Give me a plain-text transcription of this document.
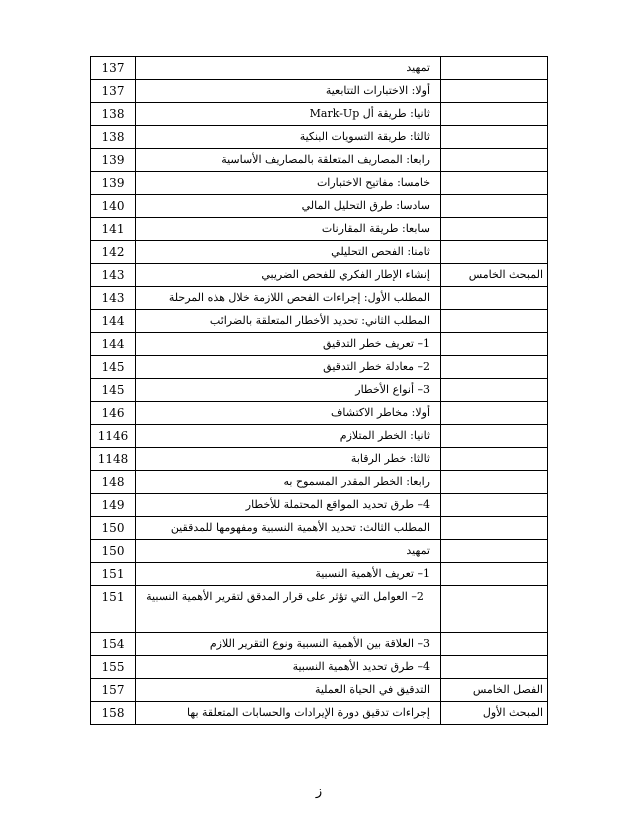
137	تمهيد	
137	أولا: الاختبارات التتابعية	
138	ثانيا: طريقة أل Mark-Up	
138	ثالثا: طريقة التسويات البنكية	
139	رابعا: المصاريف المتعلقة بالمصاريف الأساسية	
139	خامسا: مفاتيح الاختبارات	
140	سادسا: طرق التحليل المالي	
141	سابعا: طريقة المقارنات	
142	ثامنا: الفحص التحليلي	
143	إنشاء الإطار الفكري للفحص الضريبي	المبحث الخامس
143	المطلب الأول: إجراءات الفحص اللازمة خلال هذه المرحلة	
144	المطلب الثاني: تحديد الأخطار المتعلقة بالضرائب	
144	1– تعريف خطر التدقيق	
145	2– معادلة خطر التدقيق	
145	3– أنواع الأخطار	
146	أولا: مخاطر الاكتشاف	
1146	ثانيا: الخطر المتلازم	
1148	ثالثا: خطر الرقابة	
148	رابعا: الخطر المقدر المسموح به	
149	4– طرق تحديد المواقع المحتملة للأخطار	
150	المطلب الثالث: تحديد الأهمية النسبية ومفهومها للمدققين	
150	تمهيد	
151	1– تعريف الأهمية النسبية	
151	2– العوامل التي تؤثر على قرار المدقق لتقرير الأهمية النسبية	
154	3– العلاقة بين الأهمية النسبية ونوع التقرير اللازم	
155	4– طرق تحديد الأهمية النسبية	
157	التدقيق في الحياة العملية	الفصل الخامس
158	إجراءات تدقيق دورة الإيرادات والحسابات المتعلقة بها	المبحث الأول
ز
